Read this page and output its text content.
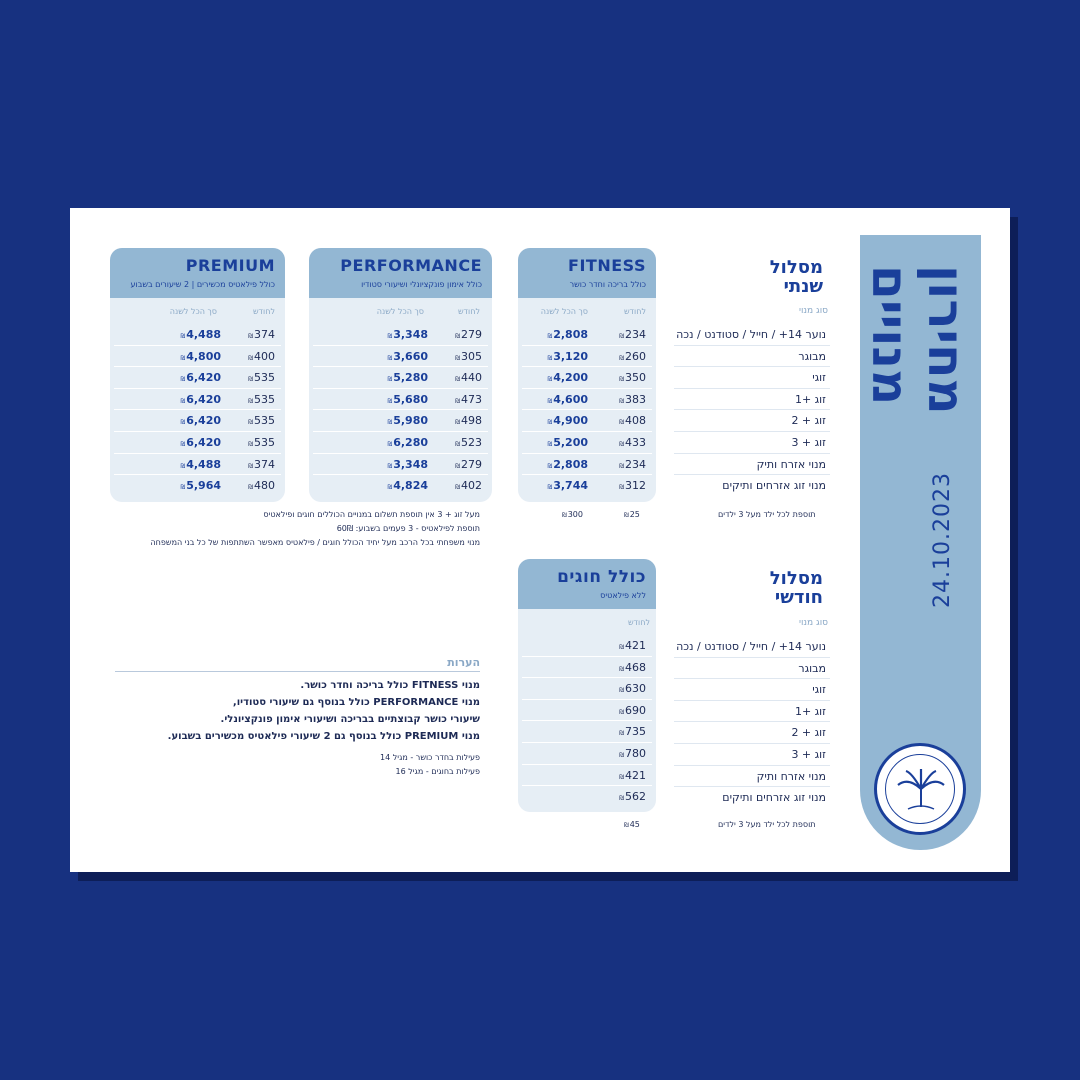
מחירון מנויים
24.10.2023
מסלול שנתי
סוג מנוי
נוער 14+ / חייל / סטודנט / נכה
מבוגר
זוגי
זוג +1
זוג + 2
זוג + 3
מנוי אזרח ותיק
מנוי זוג אזרחים ותיקים
תוספת לכל ילד מעל 3 ילדים
FITNESS
כולל בריכה וחדר כושר
לחודש
סך הכל לשנה
₪234
₪2,808
₪260
₪3,120
₪350
₪4,200
₪383
₪4,600
₪408
₪4,900
₪433
₪5,200
₪234
₪2,808
₪312
₪3,744
PERFORMANCE
כולל אימון פונקציונלי ושיעורי סטודיו
לחודש
סך הכל לשנה
₪279
₪3,348
₪305
₪3,660
₪440
₪5,280
₪473
₪5,680
₪498
₪5,980
₪523
₪6,280
₪279
₪3,348
₪402
₪4,824
PREMIUM
כולל פילאטיס מכשירים | 2 שיעורים בשבוע
לחודש
סך הכל לשנה
₪374
₪4,488
₪400
₪4,800
₪535
₪6,420
₪535
₪6,420
₪535
₪6,420
₪535
₪6,420
₪374
₪4,488
₪480
₪5,964
₪25
₪300
מעל זוג + 3 אין תוספת תשלום במנויים הכוללים חוגים ופילאטיס
תוספת לפילאטיס - 3 פעמים בשבוע: 60₪
מנוי משפחתי בכל הרכב מעל יחיד הכולל חוגים / פילאטיס מאפשר השתתפות של כל בני המשפחה
מסלול חודשי
סוג מנוי
נוער 14+ / חייל / סטודנט / נכה
מבוגר
זוגי
זוג +1
זוג + 2
זוג + 3
מנוי אזרח ותיק
מנוי זוג אזרחים ותיקים
תוספת לכל ילד מעל 3 ילדים
כולל חוגים
ללא פילאטיס
לחודש
₪421
₪468
₪630
₪690
₪735
₪780
₪421
₪562
₪45
הערות
מנוי FITNESS כולל בריכה וחדר כושר.
מנוי PERFORMANCE כולל בנוסף גם שיעורי סטודיו,
שיעורי כושר קבוצתיים בבריכה ושיעורי אימון פונקציונלי.
מנוי PREMIUM כולל בנוסף גם 2 שיעורי פילאטיס מכשירים בשבוע.
פעילות בחדר כושר - מגיל 14
פעילות בחוגים - מגיל 16
